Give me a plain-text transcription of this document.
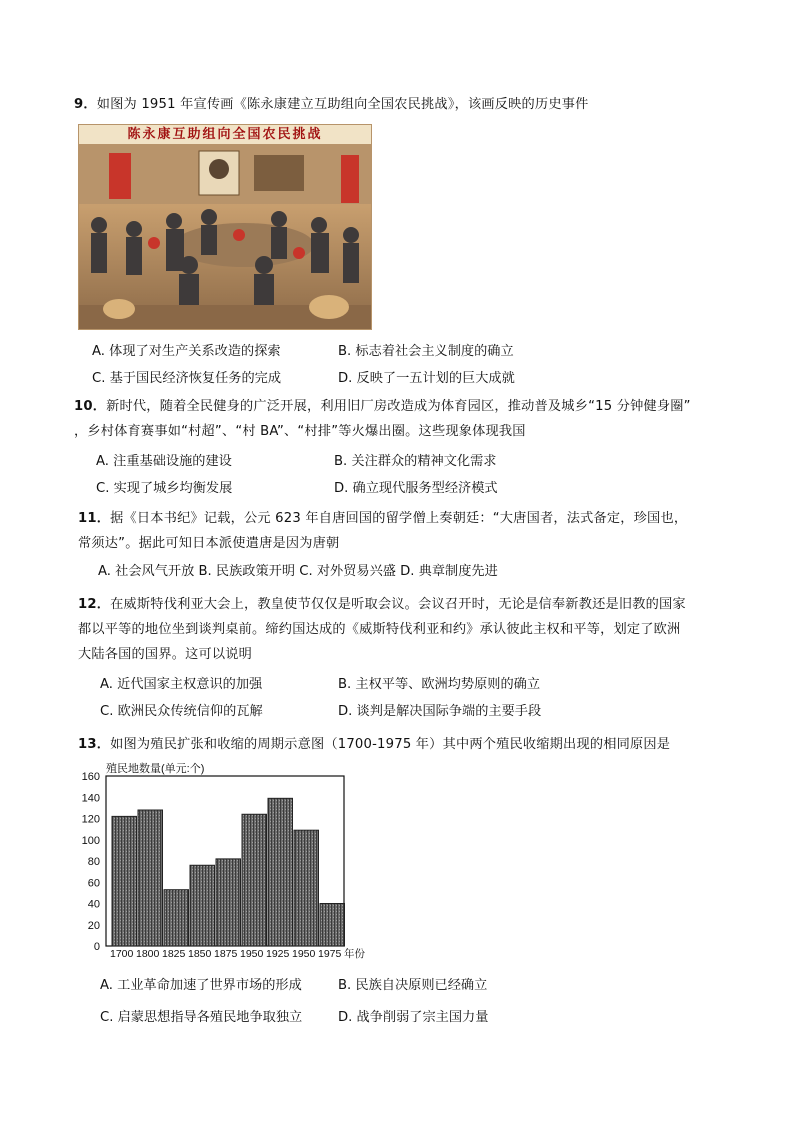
9．如图为 1951 年宣传画《陈永康建立互助组向全国农民挑战》，该画反映的历史事件
陈永康互助组向全国农民挑战
A. 体现了对生产关系改造的探索	B. 标志着社会主义制度的确立
C. 基于国民经济恢复任务的完成	D. 反映了一五计划的巨大成就
10．新时代，随着全民健身的广泛开展，利用旧厂房改造成为体育园区，推动普及城乡“15 分钟健身圈”
，乡村体育赛事如“村超”、“村 BA”、“村排”等火爆出圈。这些现象体现我国
A. 注重基础设施的建设	B. 关注群众的精神文化需求
C. 实现了城乡均衡发展	D. 确立现代服务型经济模式
11．据《日本书纪》记载，公元 623 年自唐回国的留学僧上奏朝廷：“大唐国者，法式备定，珍国也，
常须达”。据此可知日本派使遣唐是因为唐朝
A. 社会风气开放 B. 民族政策开明 C. 对外贸易兴盛 D. 典章制度先进
12．在威斯特伐利亚大会上，教皇使节仅仅是听取会议。会议召开时，无论是信奉新教还是旧教的国家
都以平等的地位坐到谈判桌前。缔约国达成的《威斯特伐利亚和约》承认彼此主权和平等，划定了欧洲
大陆各国的国界。这可以说明
A. 近代国家主权意识的加强	B. 主权平等、欧洲均势原则的确立
C. 欧洲民众传统信仰的瓦解	D. 谈判是解决国际争端的主要手段
13．如图为殖民扩张和收缩的周期示意图（1700-1975 年）其中两个殖民收缩期出现的相同原因是
殖民地数量(单元:个)
0
20
40
60
80
100
120
140
160
1700 1800 1825 1850 1875 1950 1925 1950 1975 年份
A. 工业革命加速了世界市场的形成	B. 民族自决原则已经确立
C. 启蒙思想指导各殖民地争取独立	D. 战争削弱了宗主国力量
